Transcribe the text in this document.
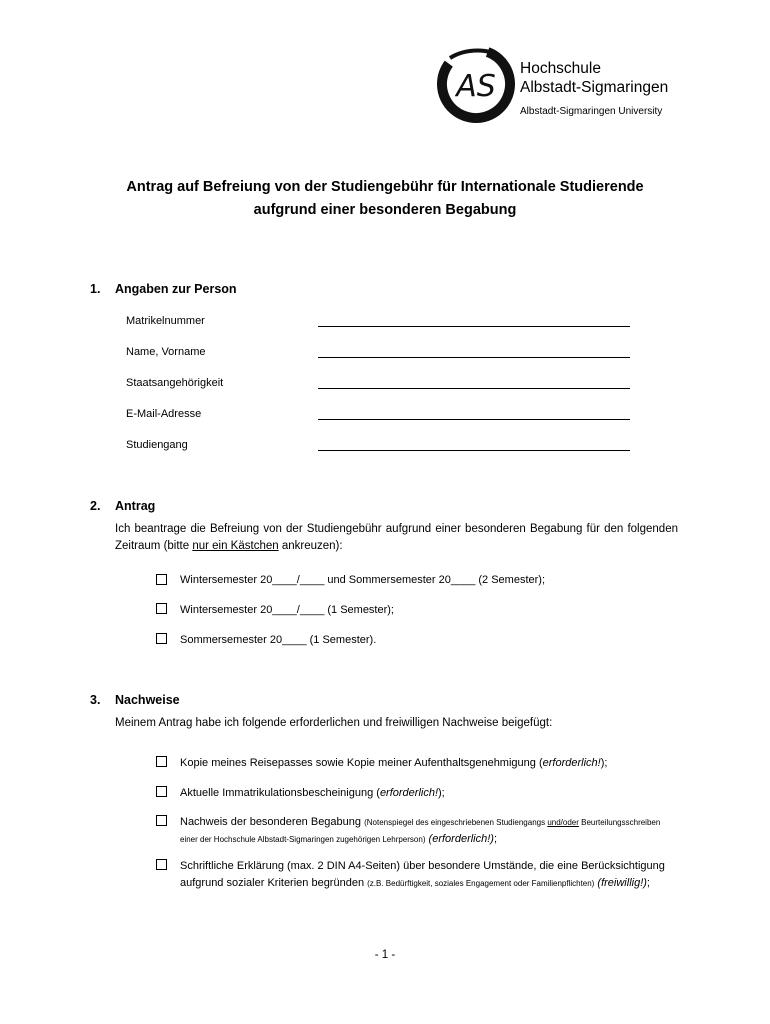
AS
Hochschule
Albstadt-Sigmaringen
Albstadt-Sigmaringen University
Antrag auf Befreiung von der Studiengebühr für Internationale Studierende
aufgrund einer besonderen Begabung
1. Angaben zur Person
Matrikelnummer
Name, Vorname
Staatsangehörigkeit
E-Mail-Adresse
Studiengang
2. Antrag
Ich beantrage die Befreiung von der Studiengebühr aufgrund einer besonderen Begabung für den folgenden Zeitraum (bitte nur ein Kästchen ankreuzen):
Wintersemester 20____/____ und Sommersemester 20____ (2 Semester);
Wintersemester 20____/____ (1 Semester);
Sommersemester 20____ (1 Semester).
3. Nachweise
Meinem Antrag habe ich folgende erforderlichen und freiwilligen Nachweise beigefügt:
Kopie meines Reisepasses sowie Kopie meiner Aufenthaltsgenehmigung (erforderlich!);
Aktuelle Immatrikulationsbescheinigung (erforderlich!);
Nachweis der besonderen Begabung (Notenspiegel des eingeschriebenen Studiengangs und/oder Beurteilungsschreiben einer der Hochschule Albstadt-Sigmaringen zugehörigen Lehrperson) (erforderlich!);
Schriftliche Erklärung (max. 2 DIN A4-Seiten) über besondere Umstände, die eine Berücksichtigung aufgrund sozialer Kriterien begründen (z.B. Bedürftigkeit, soziales Engagement oder Familienpflichten) (freiwillig!);
- 1 -
